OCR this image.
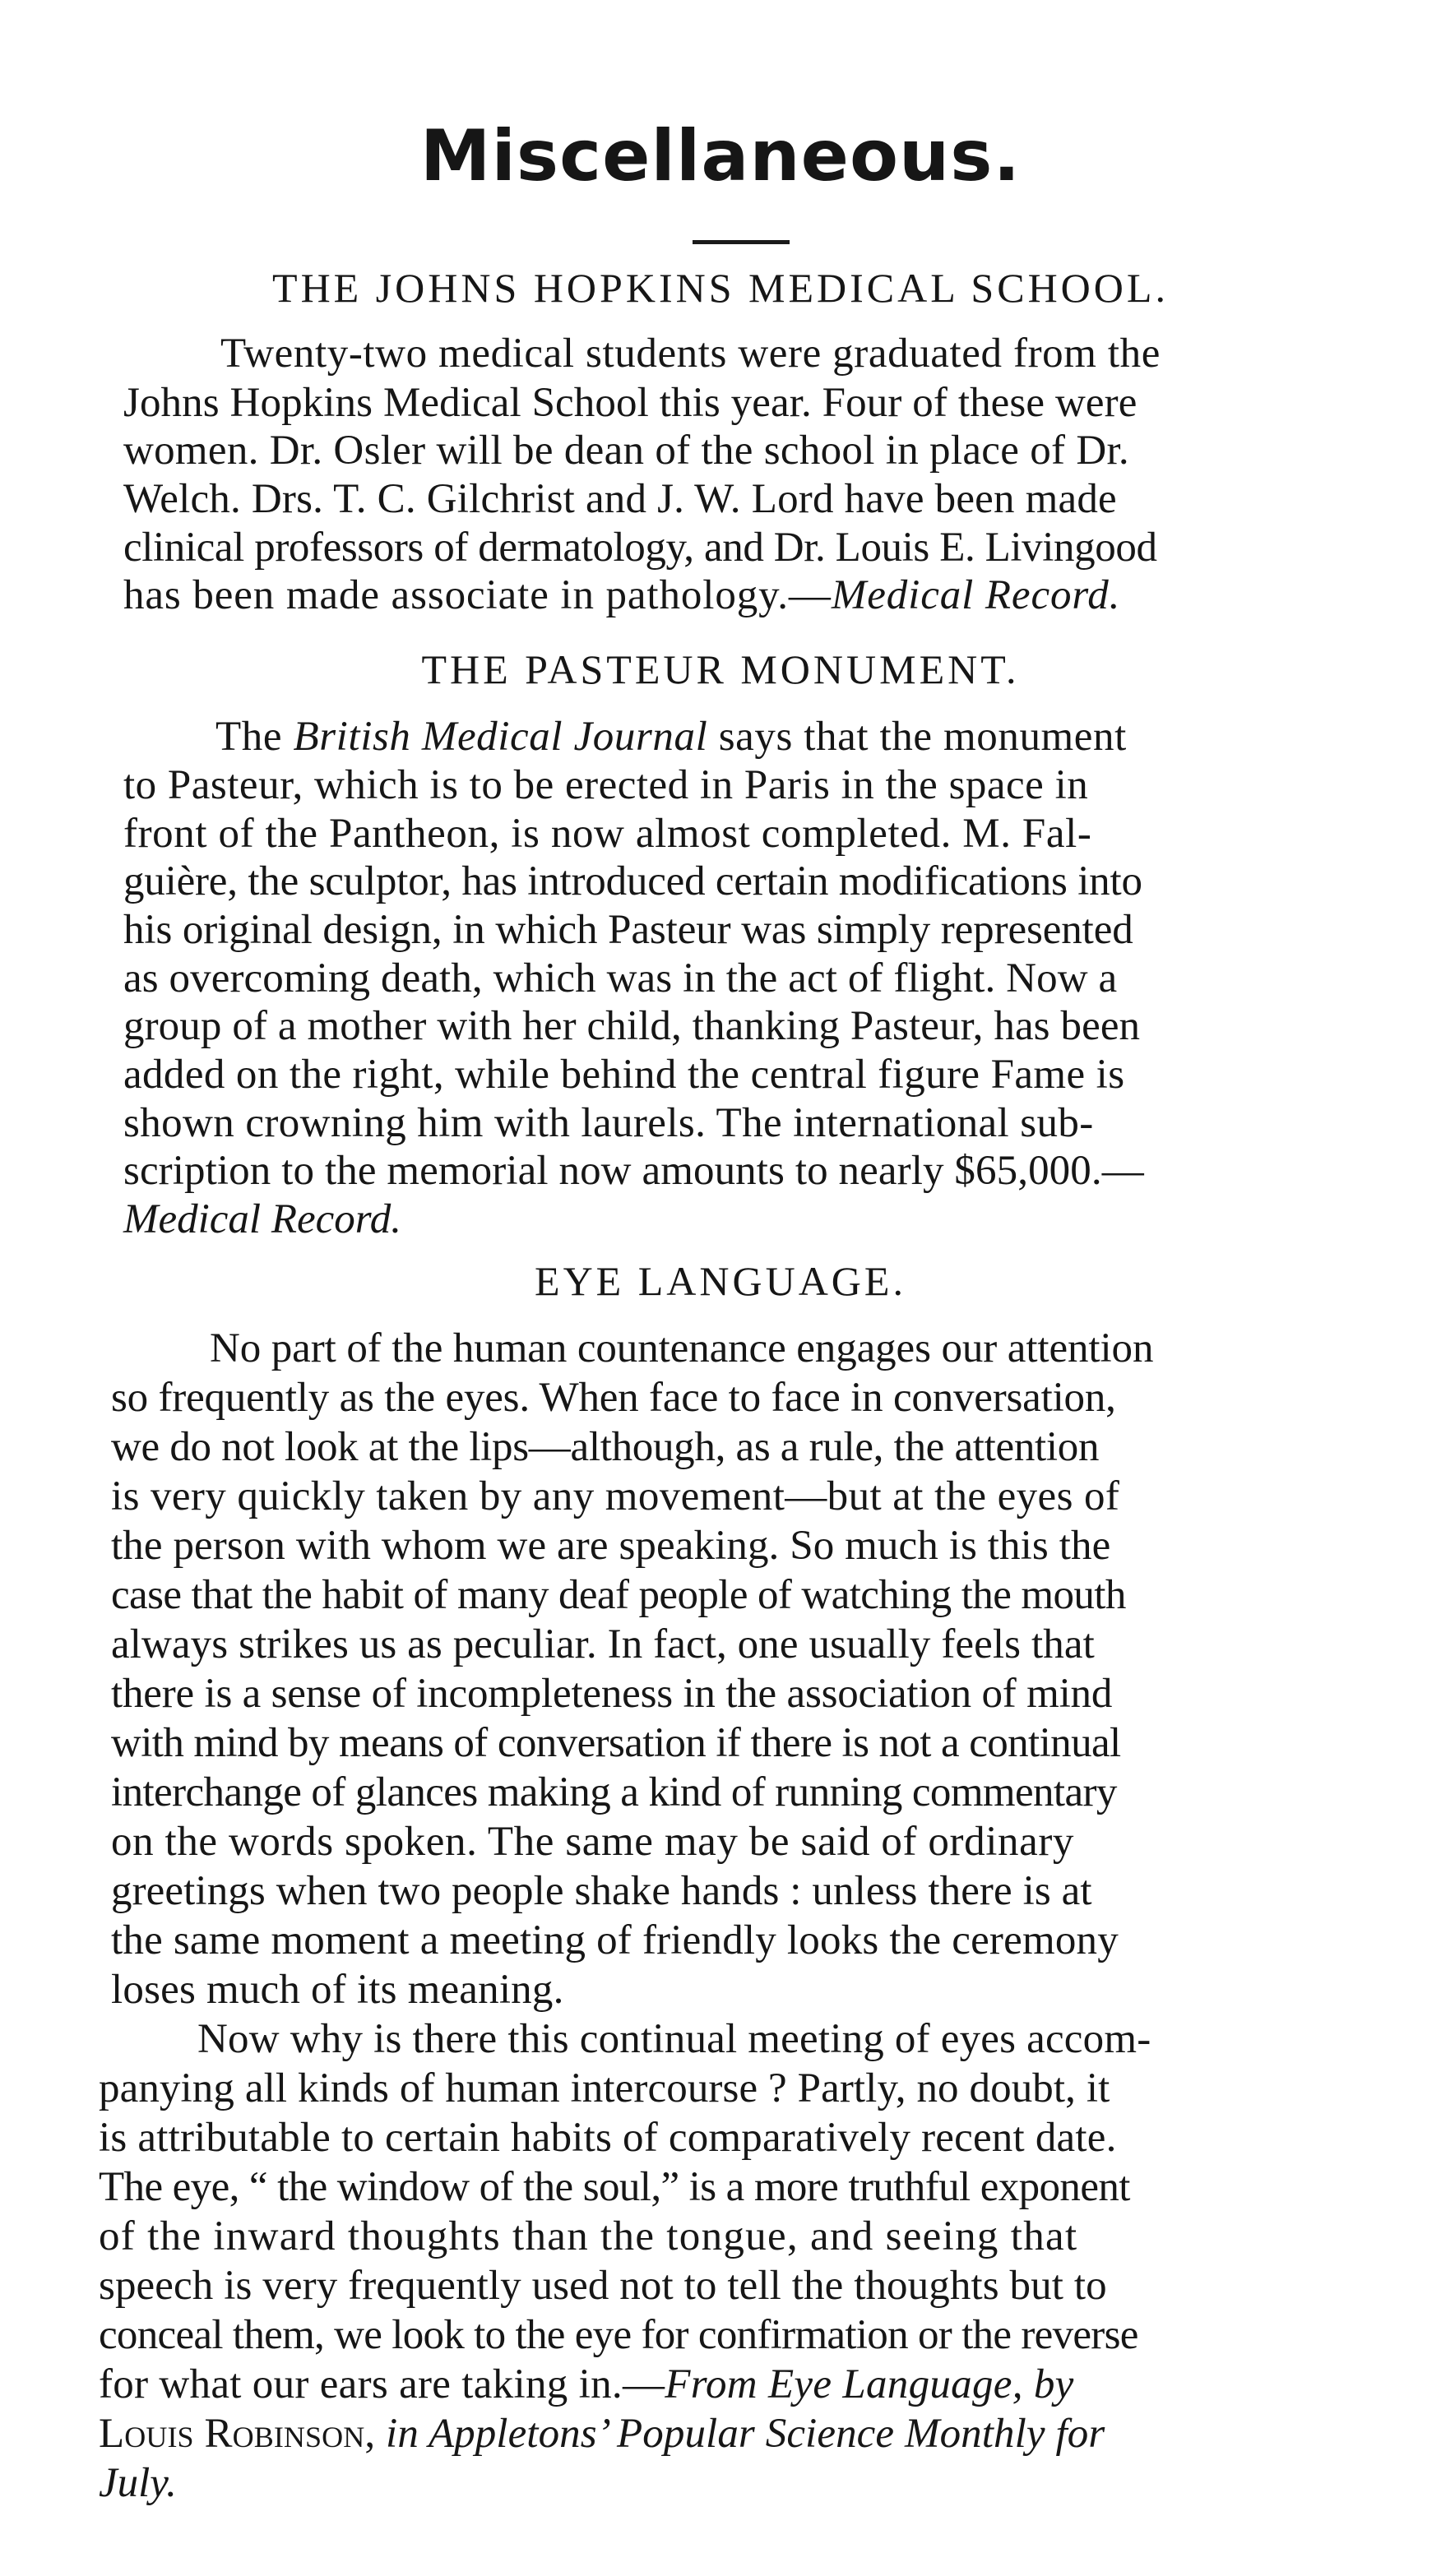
Miscellaneous.
THE JOHNS HOPKINS MEDICAL SCHOOL.
Twenty-two medical students were graduated from the
Johns Hopkins Medical School this year. Four of these were
women. Dr. Osler will be dean of the school in place of Dr.
Welch. Drs. T. C. Gilchrist and J. W. Lord have been made
clinical professors of dermatology, and Dr. Louis E. Livingood
has been made associate in pathology.—Medical Record.
THE PASTEUR MONUMENT.
The British Medical Journal says that the monument
to Pasteur, which is to be erected in Paris in the space in
front of the Pantheon, is now almost completed. M. Fal-
guière, the sculptor, has introduced certain modifications into
his original design, in which Pasteur was simply represented
as overcoming death, which was in the act of flight. Now a
group of a mother with her child, thanking Pasteur, has been
added on the right, while behind the central figure Fame is
shown crowning him with laurels. The international sub-
scription to the memorial now amounts to nearly $65,000.—
Medical Record.
EYE LANGUAGE.
No part of the human countenance engages our attention
so frequently as the eyes. When face to face in conversation,
we do not look at the lips—although, as a rule, the attention
is very quickly taken by any movement—but at the eyes of
the person with whom we are speaking. So much is this the
case that the habit of many deaf people of watching the mouth
always strikes us as peculiar. In fact, one usually feels that
there is a sense of incompleteness in the association of mind
with mind by means of conversation if there is not a continual
interchange of glances making a kind of running commentary
on the words spoken. The same may be said of ordinary
greetings when two people shake hands : unless there is at
the same moment a meeting of friendly looks the ceremony
loses much of its meaning.
Now why is there this continual meeting of eyes accom-
panying all kinds of human intercourse ? Partly, no doubt, it
is attributable to certain habits of comparatively recent date.
The eye, “ the window of the soul,” is a more truthful exponent
of the inward thoughts than the tongue, and seeing that
speech is very frequently used not to tell the thoughts but to
conceal them, we look to the eye for confirmation or the reverse
for what our ears are taking in.—From Eye Language, by
Louis Robinson, in Appletons’ Popular Science Monthly for
July.
